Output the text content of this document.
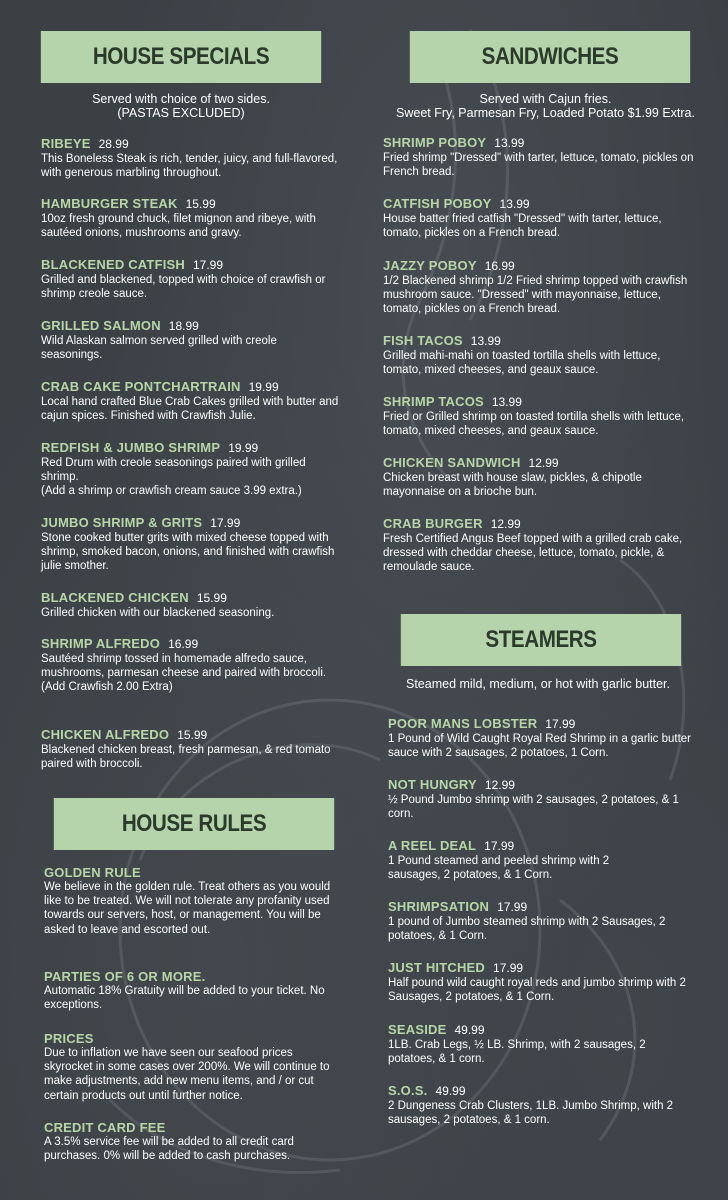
HOUSE SPECIALS
Served with choice of two sides.
(PASTAS EXCLUDED)
RIBEYE 28.99
This Boneless Steak is rich, tender, juicy, and full-flavored, with generous marbling throughout.
HAMBURGER STEAK 15.99
10oz fresh ground chuck, filet mignon and ribeye, with sautéed onions, mushrooms and gravy.
BLACKENED CATFISH 17.99
Grilled and blackened, topped with choice of crawfish or shrimp creole sauce.
GRILLED SALMON 18.99
Wild Alaskan salmon served grilled with creole seasonings.
CRAB CAKE PONTCHARTRAIN 19.99
Local hand crafted Blue Crab Cakes grilled with butter and cajun spices. Finished with Crawfish Julie.
REDFISH & JUMBO SHRIMP 19.99
Red Drum with creole seasonings paired with grilled shrimp.
(Add a shrimp or crawfish cream sauce 3.99 extra.)
JUMBO SHRIMP & GRITS 17.99
Stone cooked butter grits with mixed cheese topped with shrimp, smoked bacon, onions, and finished with crawfish julie smother.
BLACKENED CHICKEN 15.99
Grilled chicken with our blackened seasoning.
SHRIMP ALFREDO 16.99
Sautéed shrimp tossed in homemade alfredo sauce, mushrooms, parmesan cheese and paired with broccoli.
(Add Crawfish 2.00 Extra)
CHICKEN ALFREDO 15.99
Blackened chicken breast, fresh parmesan, & red tomato paired with broccoli.
SANDWICHES
Served with Cajun fries.
Sweet Fry, Parmesan Fry, Loaded Potato $1.99 Extra.
SHRIMP POBOY 13.99
Fried shrimp "Dressed" with tarter, lettuce, tomato, pickles on French bread.
CATFISH POBOY 13.99
House batter fried catfish "Dressed" with tarter, lettuce, tomato, pickles on a French bread.
JAZZY POBOY 16.99
1/2 Blackened shrimp 1/2 Fried shrimp topped with crawfish mushroom sauce. "Dressed" with mayonnaise, lettuce, tomato, pickles on a French bread.
FISH TACOS 13.99
Grilled mahi-mahi on toasted tortilla shells with lettuce, tomato, mixed cheeses, and geaux sauce.
SHRIMP TACOS 13.99
Fried or Grilled shrimp on toasted tortilla shells with lettuce, tomato, mixed cheeses, and geaux sauce.
CHICKEN SANDWICH 12.99
Chicken breast with house slaw, pickles, & chipotle mayonnaise on a brioche bun.
CRAB BURGER 12.99
Fresh Certified Angus Beef topped with a grilled crab cake, dressed with cheddar cheese, lettuce, tomato, pickle, & remoulade sauce.
STEAMERS
Steamed mild, medium, or hot with garlic butter.
POOR MANS LOBSTER 17.99
1 Pound of Wild Caught Royal Red Shrimp in a garlic butter sauce with 2 sausages, 2 potatoes, 1 Corn.
NOT HUNGRY 12.99
½ Pound Jumbo shrimp with 2 sausages, 2 potatoes, & 1 corn.
A REEL DEAL 17.99
1 Pound steamed and peeled shrimp with 2 sausages, 2 potatoes, & 1 Corn.
SHRIMPSATION 17.99
1 pound of Jumbo steamed shrimp with 2 Sausages, 2 potatoes, & 1 Corn.
JUST HITCHED 17.99
Half pound wild caught royal reds and jumbo shrimp with 2 Sausages, 2 potatoes, & 1 Corn.
SEASIDE 49.99
1LB. Crab Legs, ½ LB. Shrimp, with 2 sausages, 2 potatoes, & 1 corn.
S.O.S. 49.99
2 Dungeness Crab Clusters, 1LB. Jumbo Shrimp, with 2 sausages, 2 potatoes, & 1 corn.
HOUSE RULES
GOLDEN RULE
We believe in the golden rule. Treat others as you would like to be treated. We will not tolerate any profanity used towards our servers, host, or management. You will be asked to leave and escorted out.
PARTIES OF 6 OR MORE.
Automatic 18% Gratuity will be added to your ticket. No exceptions.
PRICES
Due to inflation we have seen our seafood prices skyrocket in some cases over 200%. We will continue to make adjustments, add new menu items, and / or cut certain products out until further notice.
CREDIT CARD FEE
A 3.5% service fee will be added to all credit card purchases. 0% will be added to cash purchases.
